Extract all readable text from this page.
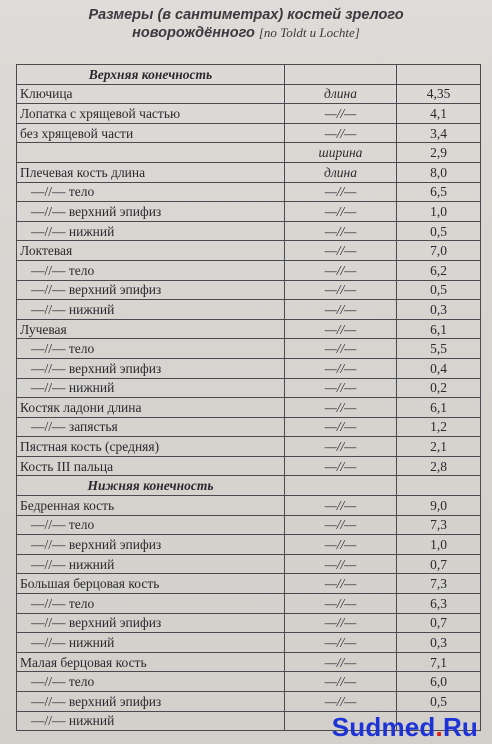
Размеры (в сантиметрах) костей зрелого
новорождённого [по Toldt и Lochte]
Верхняя конечность		
Ключица	длина	4,35
Лопатка с хрящевой частью	—//—	4,1
без хрящевой части	—//—	3,4
	ширина	2,9
Плечевая кость длина	длина	8,0
—//— тело	—//—	6,5
—//— верхний эпифиз	—//—	1,0
—//— нижний	—//—	0,5
Локтевая	—//—	7,0
—//— тело	—//—	6,2
—//— верхний эпифиз	—//—	0,5
—//— нижний	—//—	0,3
Лучевая	—//—	6,1
—//— тело	—//—	5,5
—//— верхний эпифиз	—//—	0,4
—//— нижний	—//—	0,2
Костяк ладони длина	—//—	6,1
—//— запястья	—//—	1,2
Пястная кость (средняя)	—//—	2,1
Кость III пальца	—//—	2,8
Нижняя конечность		
Бедренная кость	—//—	9,0
—//— тело	—//—	7,3
—//— верхний эпифиз	—//—	1,0
—//— нижний	—//—	0,7
Большая берцовая кость	—//—	7,3
—//— тело	—//—	6,3
—//— верхний эпифиз	—//—	0,7
—//— нижний	—//—	0,3
Малая берцовая кость	—//—	7,1
—//— тело	—//—	6,0
—//— верхний эпифиз	—//—	0,5
—//— нижний			Sudmed.Ru
